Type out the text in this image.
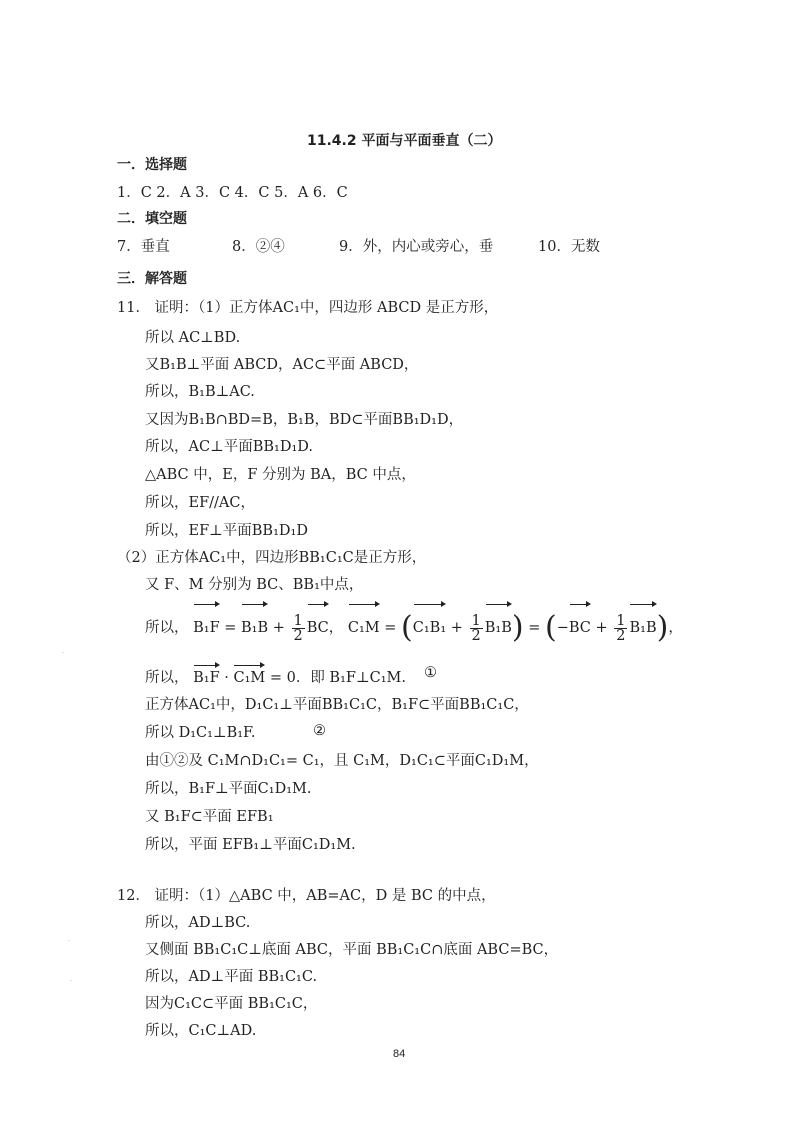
11.4.2 平面与平面垂直（二）
一．选择题
1．C 2．A 3．C 4．C 5．A 6．C
二．填空题
7．垂直	8．②④	9．外，内心或旁心，垂	10．无数
三．解答题
11． 证明：（1）正方体AC₁中，四边形 ABCD 是正方形，
所以 AC⊥BD.
又B₁B⊥平面 ABCD，AC⊂平面 ABCD，
所以，B₁B⊥AC.
又因为B₁B∩BD=B，B₁B，BD⊂平面BB₁D₁D，
所以，AC⊥平面BB₁D₁D.
△ABC 中，E，F 分别为 BA，BC 中点，
所以，EF//AC，
所以，EF⊥平面BB₁D₁D
（2）正方体AC₁中，四边形BB₁C₁C是正方形，
又 F、M 分别为 BC、BB₁中点，
所以， $B_1F = B_1B + \frac{1}{2}$ BC， $C_1M = (C_1B_1 + \frac{1}{2} B_1B) = (-BC + \frac{1}{2} B_1B)$，
所以， B₁F · C₁M = 0．即 B₁F⊥C₁M. ①
正方体AC₁中，D₁C₁⊥平面BB₁C₁C，B₁F⊂平面BB₁C₁C，
所以 D₁C₁⊥B₁F.	②
由①②及 C₁M∩D₁C₁= C₁，且 C₁M，D₁C₁⊂平面C₁D₁M，
所以，B₁F⊥平面C₁D₁M.
又 B₁F⊂平面 EFB₁
所以，平面 EFB₁⊥平面C₁D₁M.
12． 证明：（1）△ABC 中，AB=AC，D 是 BC 的中点，
所以，AD⊥BC.
又侧面 BB₁C₁C⊥底面 ABC，平面 BB₁C₁C∩底面 ABC=BC，
所以，AD⊥平面 BB₁C₁C.
因为C₁C⊂平面 BB₁C₁C，
所以，C₁C⊥AD.
84
